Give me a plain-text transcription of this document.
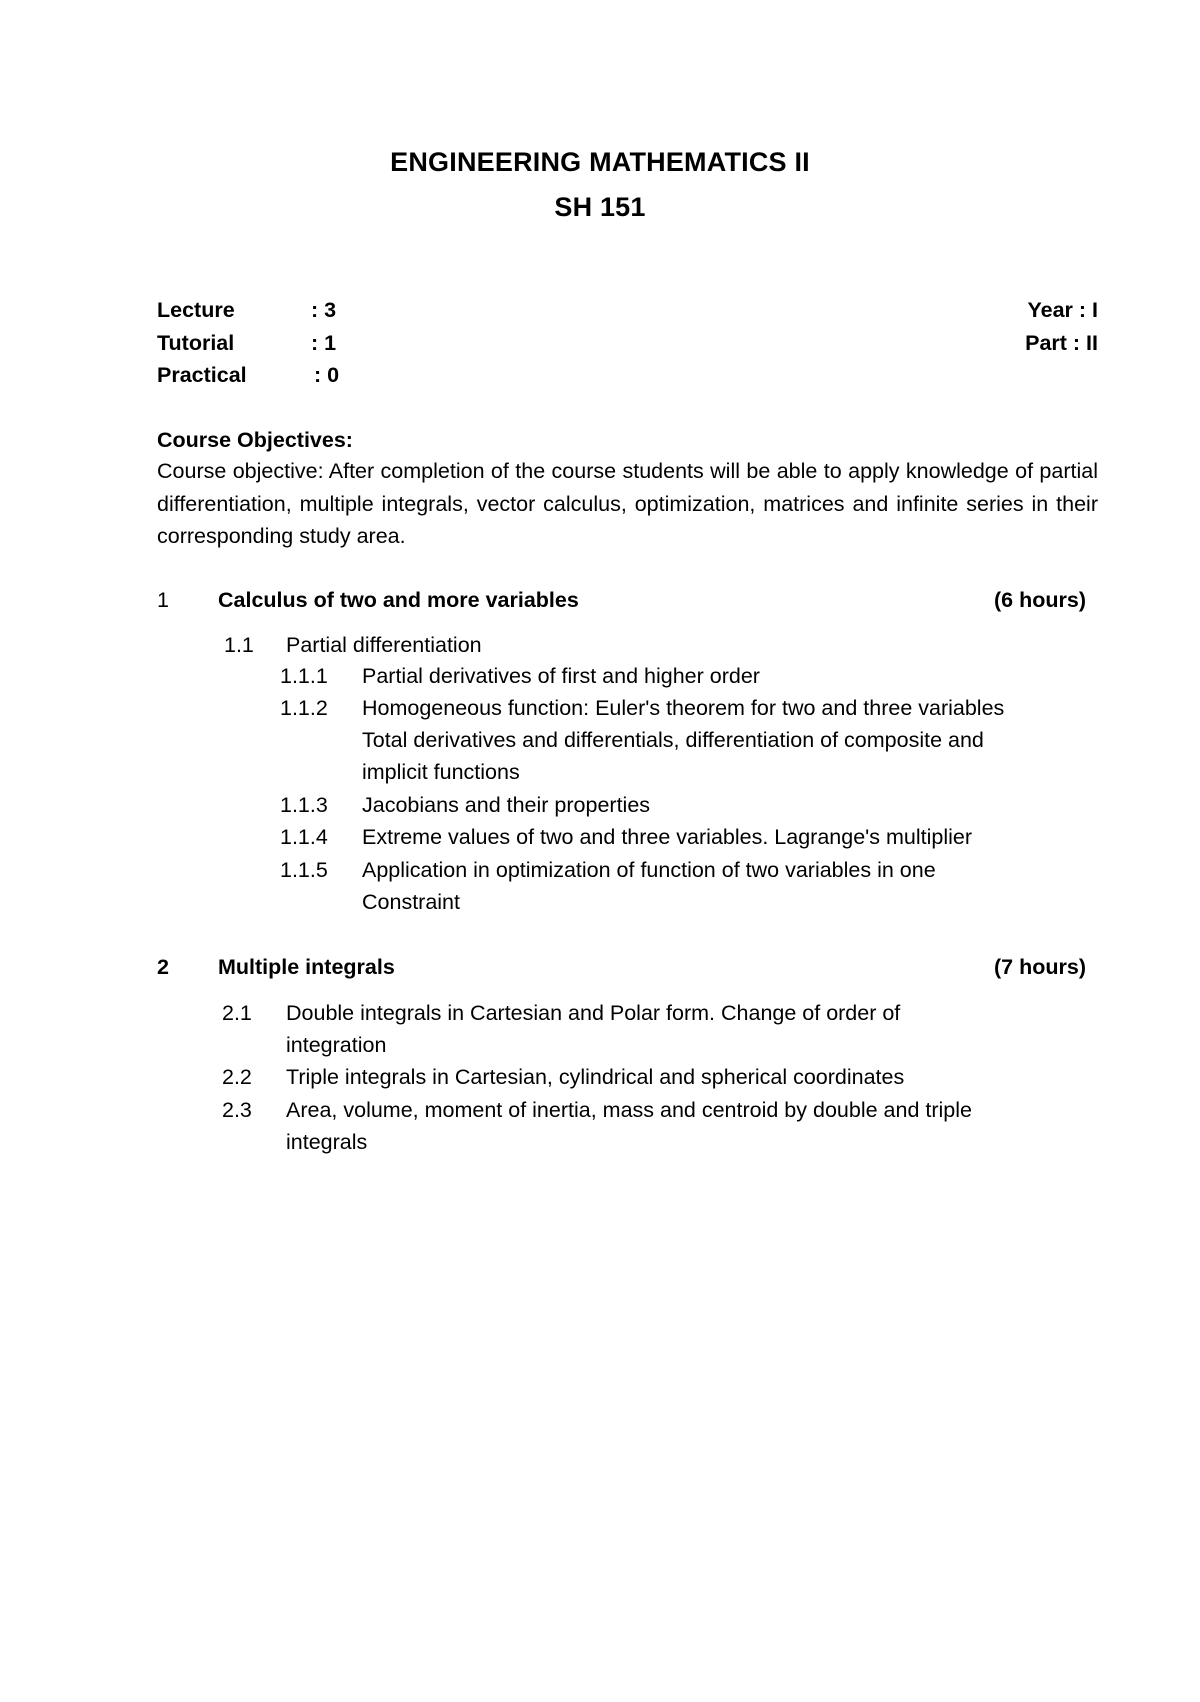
ENGINEERING MATHEMATICS II
SH 151
Lecture	: 3
Tutorial	: 1
Practical	: 0
Year : I
Part : II
Course Objectives:
Course objective: After completion of the course students will be able to apply knowledge of partial differentiation, multiple integrals, vector calculus, optimization, matrices and infinite series in their corresponding study area.
1 Calculus of two and more variables	(6 hours)
1.1 Partial differentiation
1.1.1 Partial derivatives of first and higher order
1.1.2 Homogeneous function: Euler's theorem for two and three variables
Total derivatives and differentials, differentiation of composite and
implicit functions
1.1.3 Jacobians and their properties
1.1.4 Extreme values of two and three variables. Lagrange's multiplier
1.1.5 Application in optimization of function of two variables in one
Constraint
2 Multiple integrals	(7 hours)
2.1 Double integrals in Cartesian and Polar form. Change of order of
integration
2.2 Triple integrals in Cartesian, cylindrical and spherical coordinates
2.3 Area, volume, moment of inertia, mass and centroid by double and triple
integrals
